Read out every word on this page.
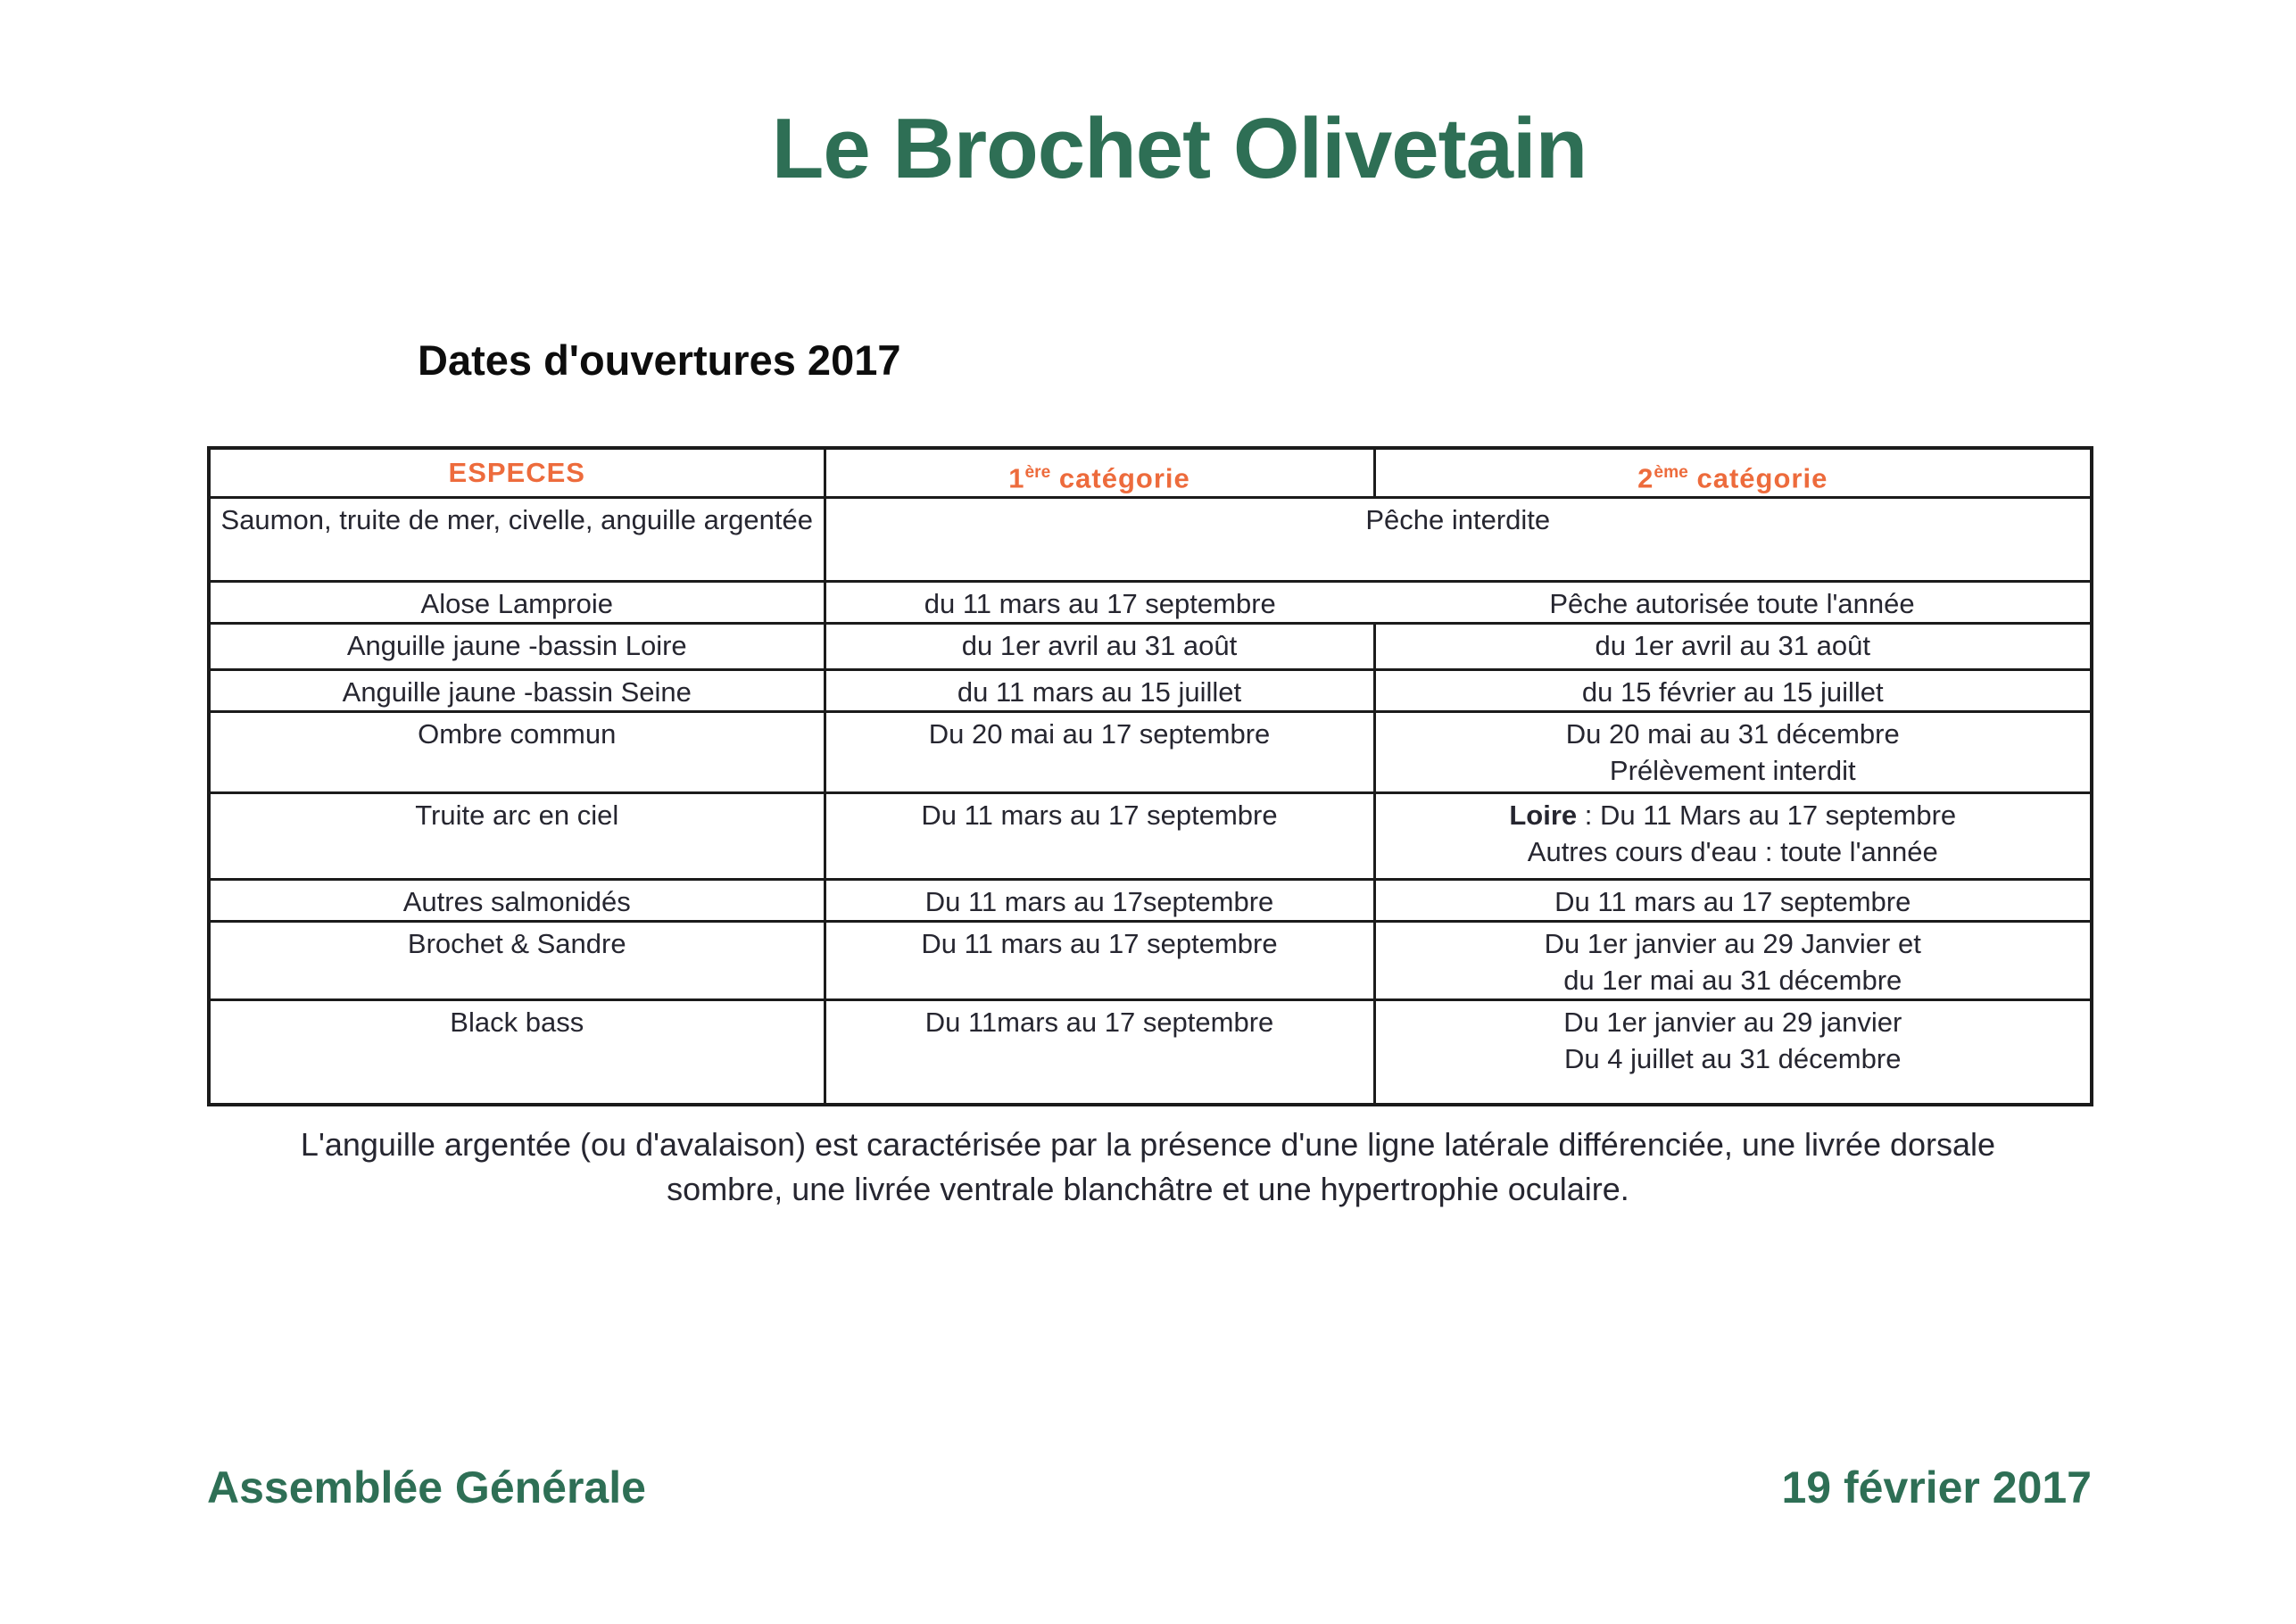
Le Brochet Olivetain
Dates d'ouvertures 2017
ESPECES	1ère catégorie	2ème catégorie
Saumon, truite de mer, civelle, anguille argentée	Pêche interdite	
Alose Lamproie	du 11 mars au 17 septembre	Pêche autorisée toute l'année
Anguille jaune -bassin Loire	du 1er avril au 31 août	du 1er avril au 31 août
Anguille jaune -bassin Seine	du 11 mars au 15 juillet	du 15 février au 15 juillet
Ombre commun	Du 20 mai au 17 septembre	Du 20 mai au 31 décembre
Prélèvement interdit

Truite arc en ciel	Du 11 mars au 17 septembre	Loire : Du 11 Mars au 17 septembre
Autres cours d'eau : toute l'année

Autres salmonidés	Du 11 mars au 17septembre	Du 11 mars au 17 septembre
Brochet & Sandre	Du 11 mars au 17 septembre	Du 1er janvier au 29 Janvier et
du 1er mai au 31 décembre

Black bass	Du 11mars au 17 septembre	Du 1er janvier au 29 janvier
Du 4 juillet au 31 décembre
L'anguille argentée (ou d'avalaison) est caractérisée par la présence d'une ligne latérale différenciée, une livrée dorsale
sombre, une livrée ventrale blanchâtre et une hypertrophie oculaire.
Assemblée Générale	19 février 2017
